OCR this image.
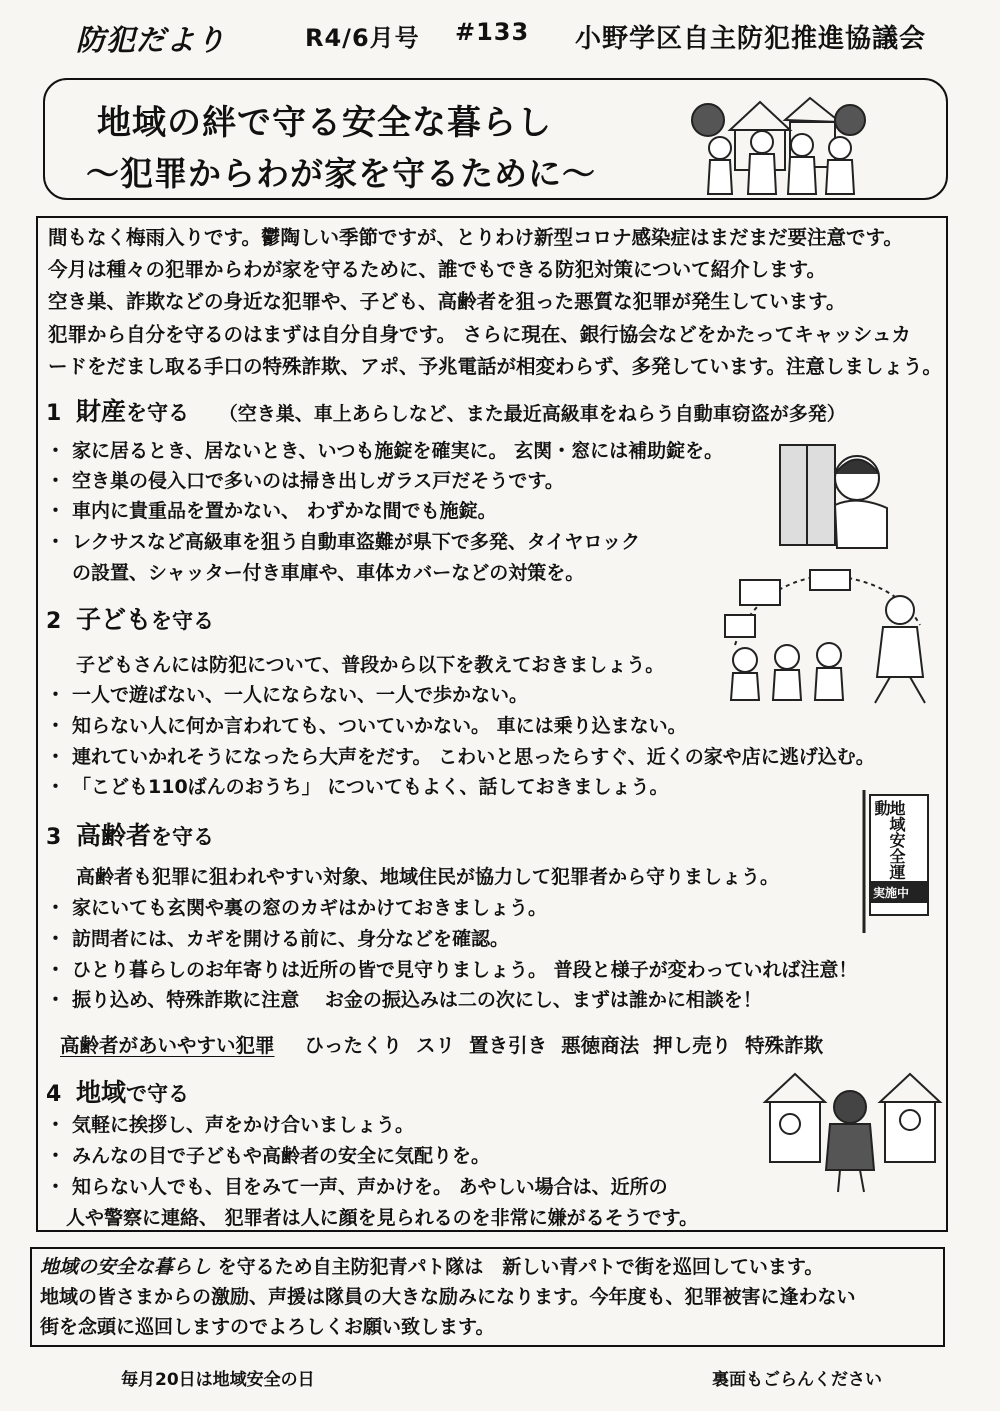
防犯だより	R4/6月号 #133 小野学区自主防犯推進協議会
地域の絆で守る安全な暮らし
～犯罪からわが家を守るために～
間もなく梅雨入りです。鬱陶しい季節ですが、とりわけ新型コロナ感染症はまだまだ要注意です。
今月は種々の犯罪からわが家を守るために、誰でもできる防犯対策について紹介します。
空き巣、詐欺などの身近な犯罪や、子ども、高齢者を狙った悪質な犯罪が発生しています。
犯罪から自分を守るのはまずは自分自身です。 さらに現在、銀行協会などをかたってキャッシュカ
ードをだまし取る手口の特殊詐欺、アポ、予兆電話が相変わらず、多発しています。注意しましょう。
1 財産を守る （空き巣、車上あらしなど、また最近高級車をねらう自動車窃盗が多発）
・ 家に居るとき、居ないとき、いつも施錠を確実に。 玄関・窓には補助錠を。
・ 空き巣の侵入口で多いのは掃き出しガラス戸だそうです。
・ 車内に貴重品を置かない、 わずかな間でも施錠。
・ レクサスなど高級車を狙う自動車盗難が県下で多発、タイヤロック
の設置、シャッター付き車庫や、車体カバーなどの対策を。
2 子どもを守る
子どもさんには防犯について、普段から以下を教えておきましょう。
・ 一人で遊ばない、一人にならない、一人で歩かない。
・ 知らない人に何か言われても、ついていかない。 車には乗り込まない。
・ 連れていかれそうになったら大声をだす。 こわいと思ったらすぐ、近くの家や店に逃げ込む。
・ 「こども110ばんのおうち」 についてもよく、話しておきましょう。
3 高齢者を守る
高齢者も犯罪に狙われやすい対象、地域住民が協力して犯罪者から守りましょう。
・ 家にいても玄関や裏の窓のカギはかけておきましょう。
・ 訪問者には、カギを開ける前に、身分などを確認。
・ ひとり暮らしのお年寄りは近所の皆で見守りましょう。 普段と様子が変わっていれば注意！
・ 振り込め、特殊詐欺に注意　 お金の振込みは二の次にし、まずは誰かに相談を！
地域安全運動
実施中
高齢者があいやすい犯罪 ひったくり スリ 置き引き 悪徳商法 押し売り 特殊詐欺
4 地域で守る
・ 気軽に挨拶し、声をかけ合いましょう。
・ みんなの目で子どもや高齢者の安全に気配りを。
・ 知らない人でも、目をみて一声、声かけを。 あやしい場合は、近所の
人や警察に連絡、 犯罪者は人に顔を見られるのを非常に嫌がるそうです。
地域の安全な暮らし を守るため自主防犯青パト隊は　新しい青パトで街を巡回しています。
地域の皆さまからの激励、声援は隊員の大きな励みになります。今年度も、犯罪被害に逢わない
街を念頭に巡回しますのでよろしくお願い致します。
毎月20日は地域安全の日	裏面もごらんください
